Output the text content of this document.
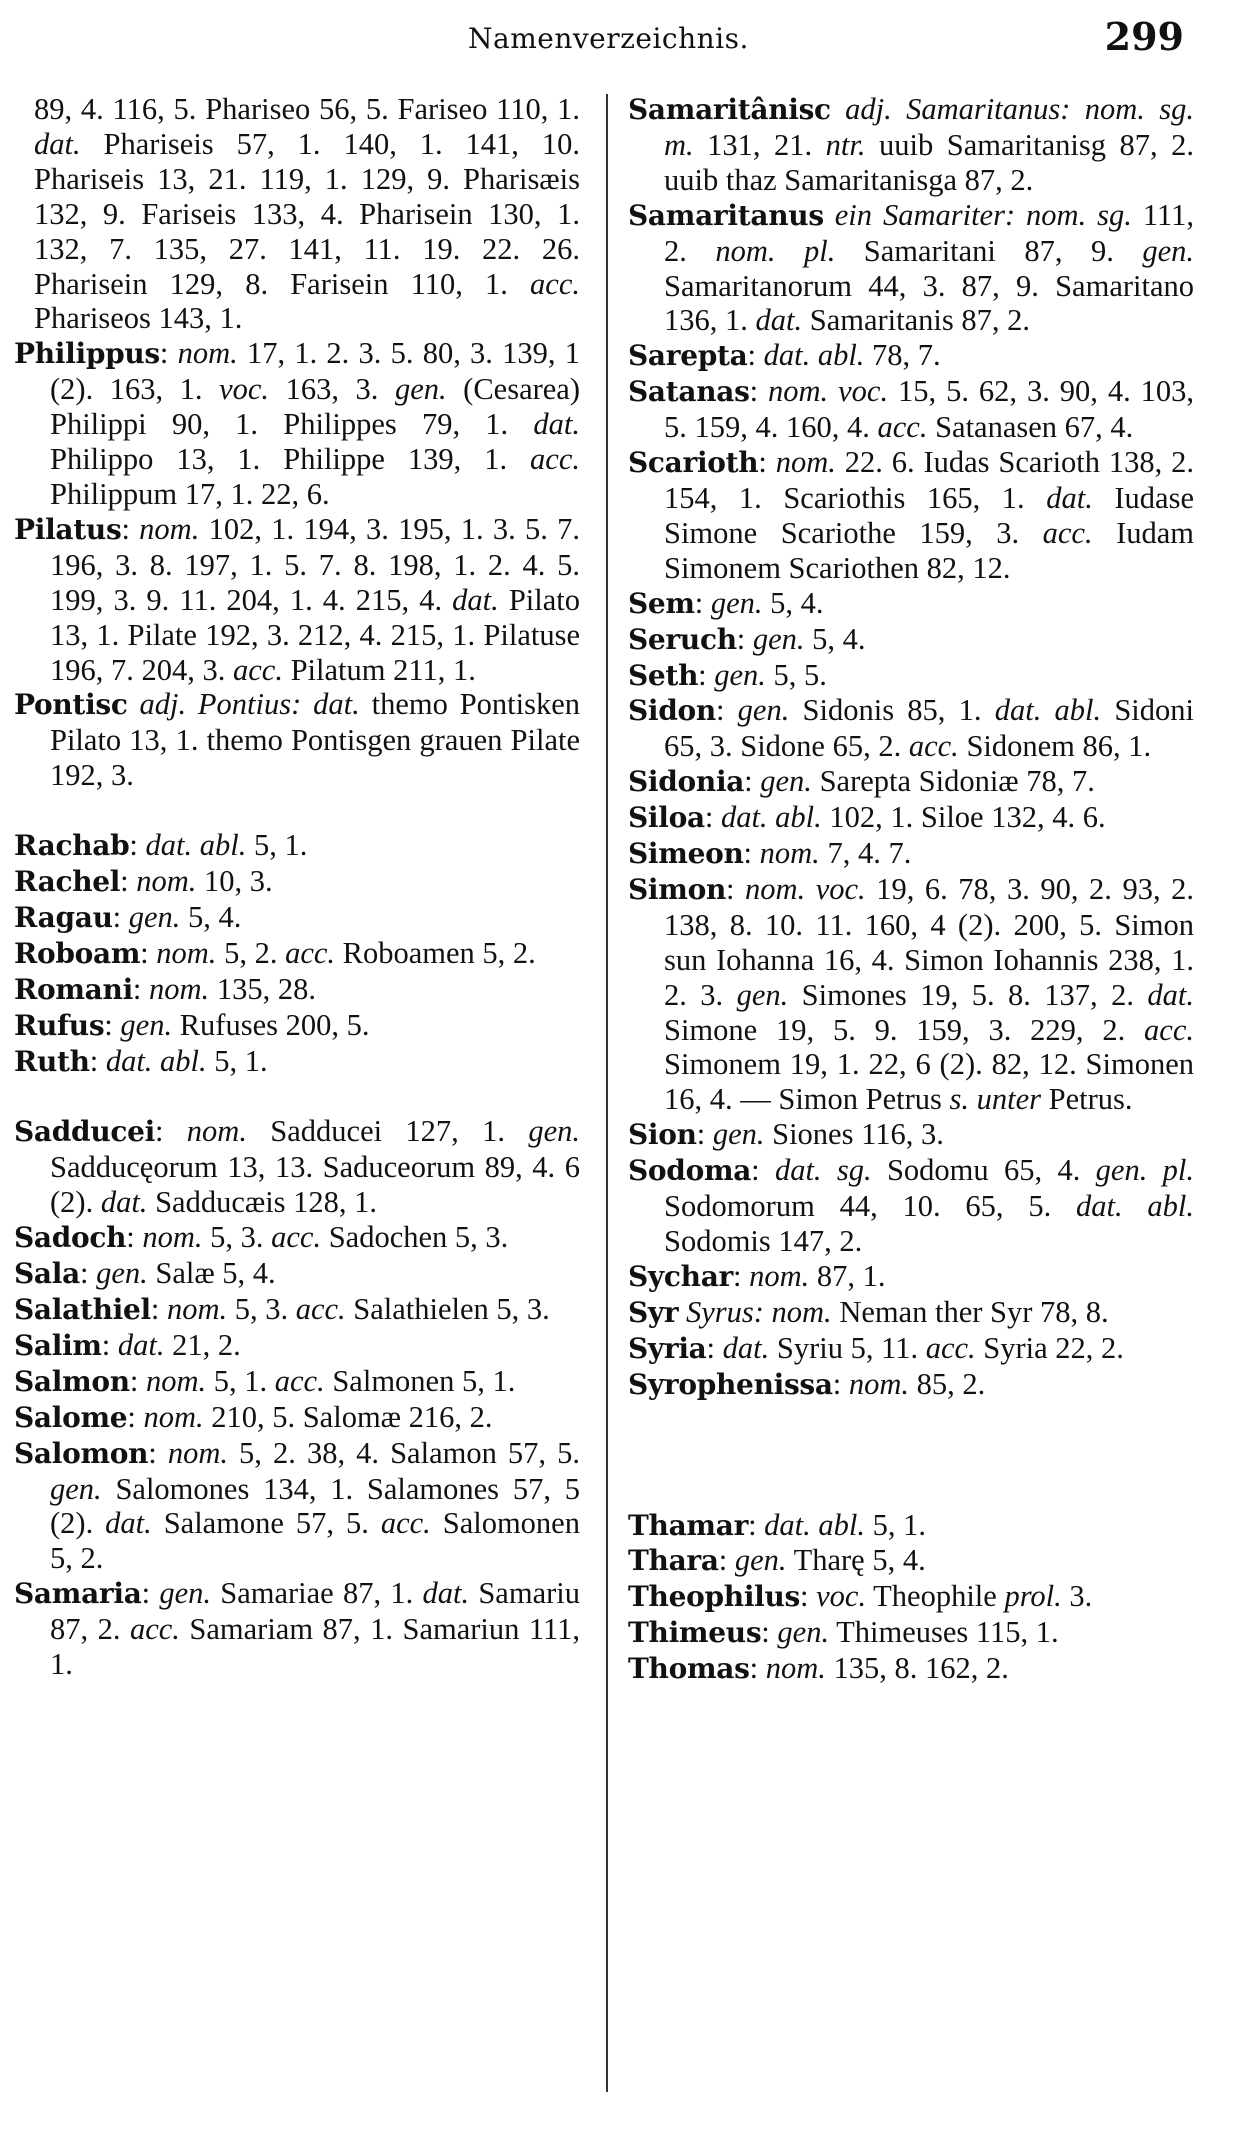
Namenverzeichnis.	299

89, 4. 116, 5. Phariseo 56, 5. Fariseo 110, 1. dat. Phariseis 57, 1. 140, 1. 141, 10. Phariseis 13, 21. 119, 1. 129, 9. Pharisæis 132, 9. Fariseis 133, 4. Pharisein 130, 1. 132, 7. 135, 27. 141, 11. 19. 22. 26. Pharisein 129, 8. Farisein 110, 1. acc. Phariseos 143, 1.

Philippus: nom. 17, 1. 2. 3. 5. 80, 3. 139, 1 (2). 163, 1. voc. 163, 3. gen. (Cesarea) Philippi 90, 1. Philippes 79, 1. dat. Philippo 13, 1. Philippe 139, 1. acc. Philippum 17, 1. 22, 6.

Pilatus: nom. 102, 1. 194, 3. 195, 1. 3. 5. 7. 196, 3. 8. 197, 1. 5. 7. 8. 198, 1. 2. 4. 5. 199, 3. 9. 11. 204, 1. 4. 215, 4. dat. Pilato 13, 1. Pilate 192, 3. 212, 4. 215, 1. Pilatuse 196, 7. 204, 3. acc. Pilatum 211, 1.

Pontisc adj. Pontius: dat. themo Pontisken Pilato 13, 1. themo Pontisgen grauen Pilate 192, 3.

Rachab: dat. abl. 5, 1.

Rachel: nom. 10, 3.

Ragau: gen. 5, 4.

Roboam: nom. 5, 2. acc. Roboamen 5, 2.

Romani: nom. 135, 28.

Rufus: gen. Rufuses 200, 5.

Ruth: dat. abl. 5, 1.

Sadducei: nom. Sadducei 127, 1. gen. Sadducęorum 13, 13. Saduceorum 89, 4. 6 (2). dat. Sadducæis 128, 1.

Sadoch: nom. 5, 3. acc. Sadochen 5, 3.

Sala: gen. Salæ 5, 4.

Salathiel: nom. 5, 3. acc. Salathielen 5, 3.

Salim: dat. 21, 2.

Salmon: nom. 5, 1. acc. Salmonen 5, 1.

Salome: nom. 210, 5. Salomæ 216, 2.

Salomon: nom. 5, 2. 38, 4. Salamon 57, 5. gen. Salomones 134, 1. Salamones 57, 5 (2). dat. Salamone 57, 5. acc. Salomonen 5, 2.

Samaria: gen. Samariae 87, 1. dat. Samariu 87, 2. acc. Samariam 87, 1. Samariun 111, 1.

Samaritânisc adj. Samaritanus: nom. sg. m. 131, 21. ntr. uuib Samaritanisg 87, 2. uuib thaz Samaritanisga 87, 2.

Samaritanus ein Samariter: nom. sg. 111, 2. nom. pl. Samaritani 87, 9. gen. Samaritanorum 44, 3. 87, 9. Samaritano 136, 1. dat. Samaritanis 87, 2.

Sarepta: dat. abl. 78, 7.

Satanas: nom. voc. 15, 5. 62, 3. 90, 4. 103, 5. 159, 4. 160, 4. acc. Satanasen 67, 4.

Scarioth: nom. 22. 6. Iudas Scarioth 138, 2. 154, 1. Scariothis 165, 1. dat. Iudase Simone Scariothe 159, 3. acc. Iudam Simonem Scariothen 82, 12.

Sem: gen. 5, 4.

Seruch: gen. 5, 4.

Seth: gen. 5, 5.

Sidon: gen. Sidonis 85, 1. dat. abl. Sidoni 65, 3. Sidone 65, 2. acc. Sidonem 86, 1.

Sidonia: gen. Sarepta Sidoniæ 78, 7.

Siloa: dat. abl. 102, 1. Siloe 132, 4. 6.

Simeon: nom. 7, 4. 7.

Simon: nom. voc. 19, 6. 78, 3. 90, 2. 93, 2. 138, 8. 10. 11. 160, 4 (2). 200, 5. Simon sun Iohanna 16, 4. Simon Iohannis 238, 1. 2. 3. gen. Simones 19, 5. 8. 137, 2. dat. Simone 19, 5. 9. 159, 3. 229, 2. acc. Simonem 19, 1. 22, 6 (2). 82, 12. Simonen 16, 4. — Simon Petrus s. unter Petrus.

Sion: gen. Siones 116, 3.

Sodoma: dat. sg. Sodomu 65, 4. gen. pl. Sodomorum 44, 10. 65, 5. dat. abl. Sodomis 147, 2.

Sychar: nom. 87, 1.

Syr Syrus: nom. Neman ther Syr 78, 8.

Syria: dat. Syriu 5, 11. acc. Syria 22, 2.

Syrophenissa: nom. 85, 2.

Thamar: dat. abl. 5, 1.

Thara: gen. Tharę 5, 4.

Theophilus: voc. Theophile prol. 3.

Thimeus: gen. Thimeuses 115, 1.

Thomas: nom. 135, 8. 162, 2.
